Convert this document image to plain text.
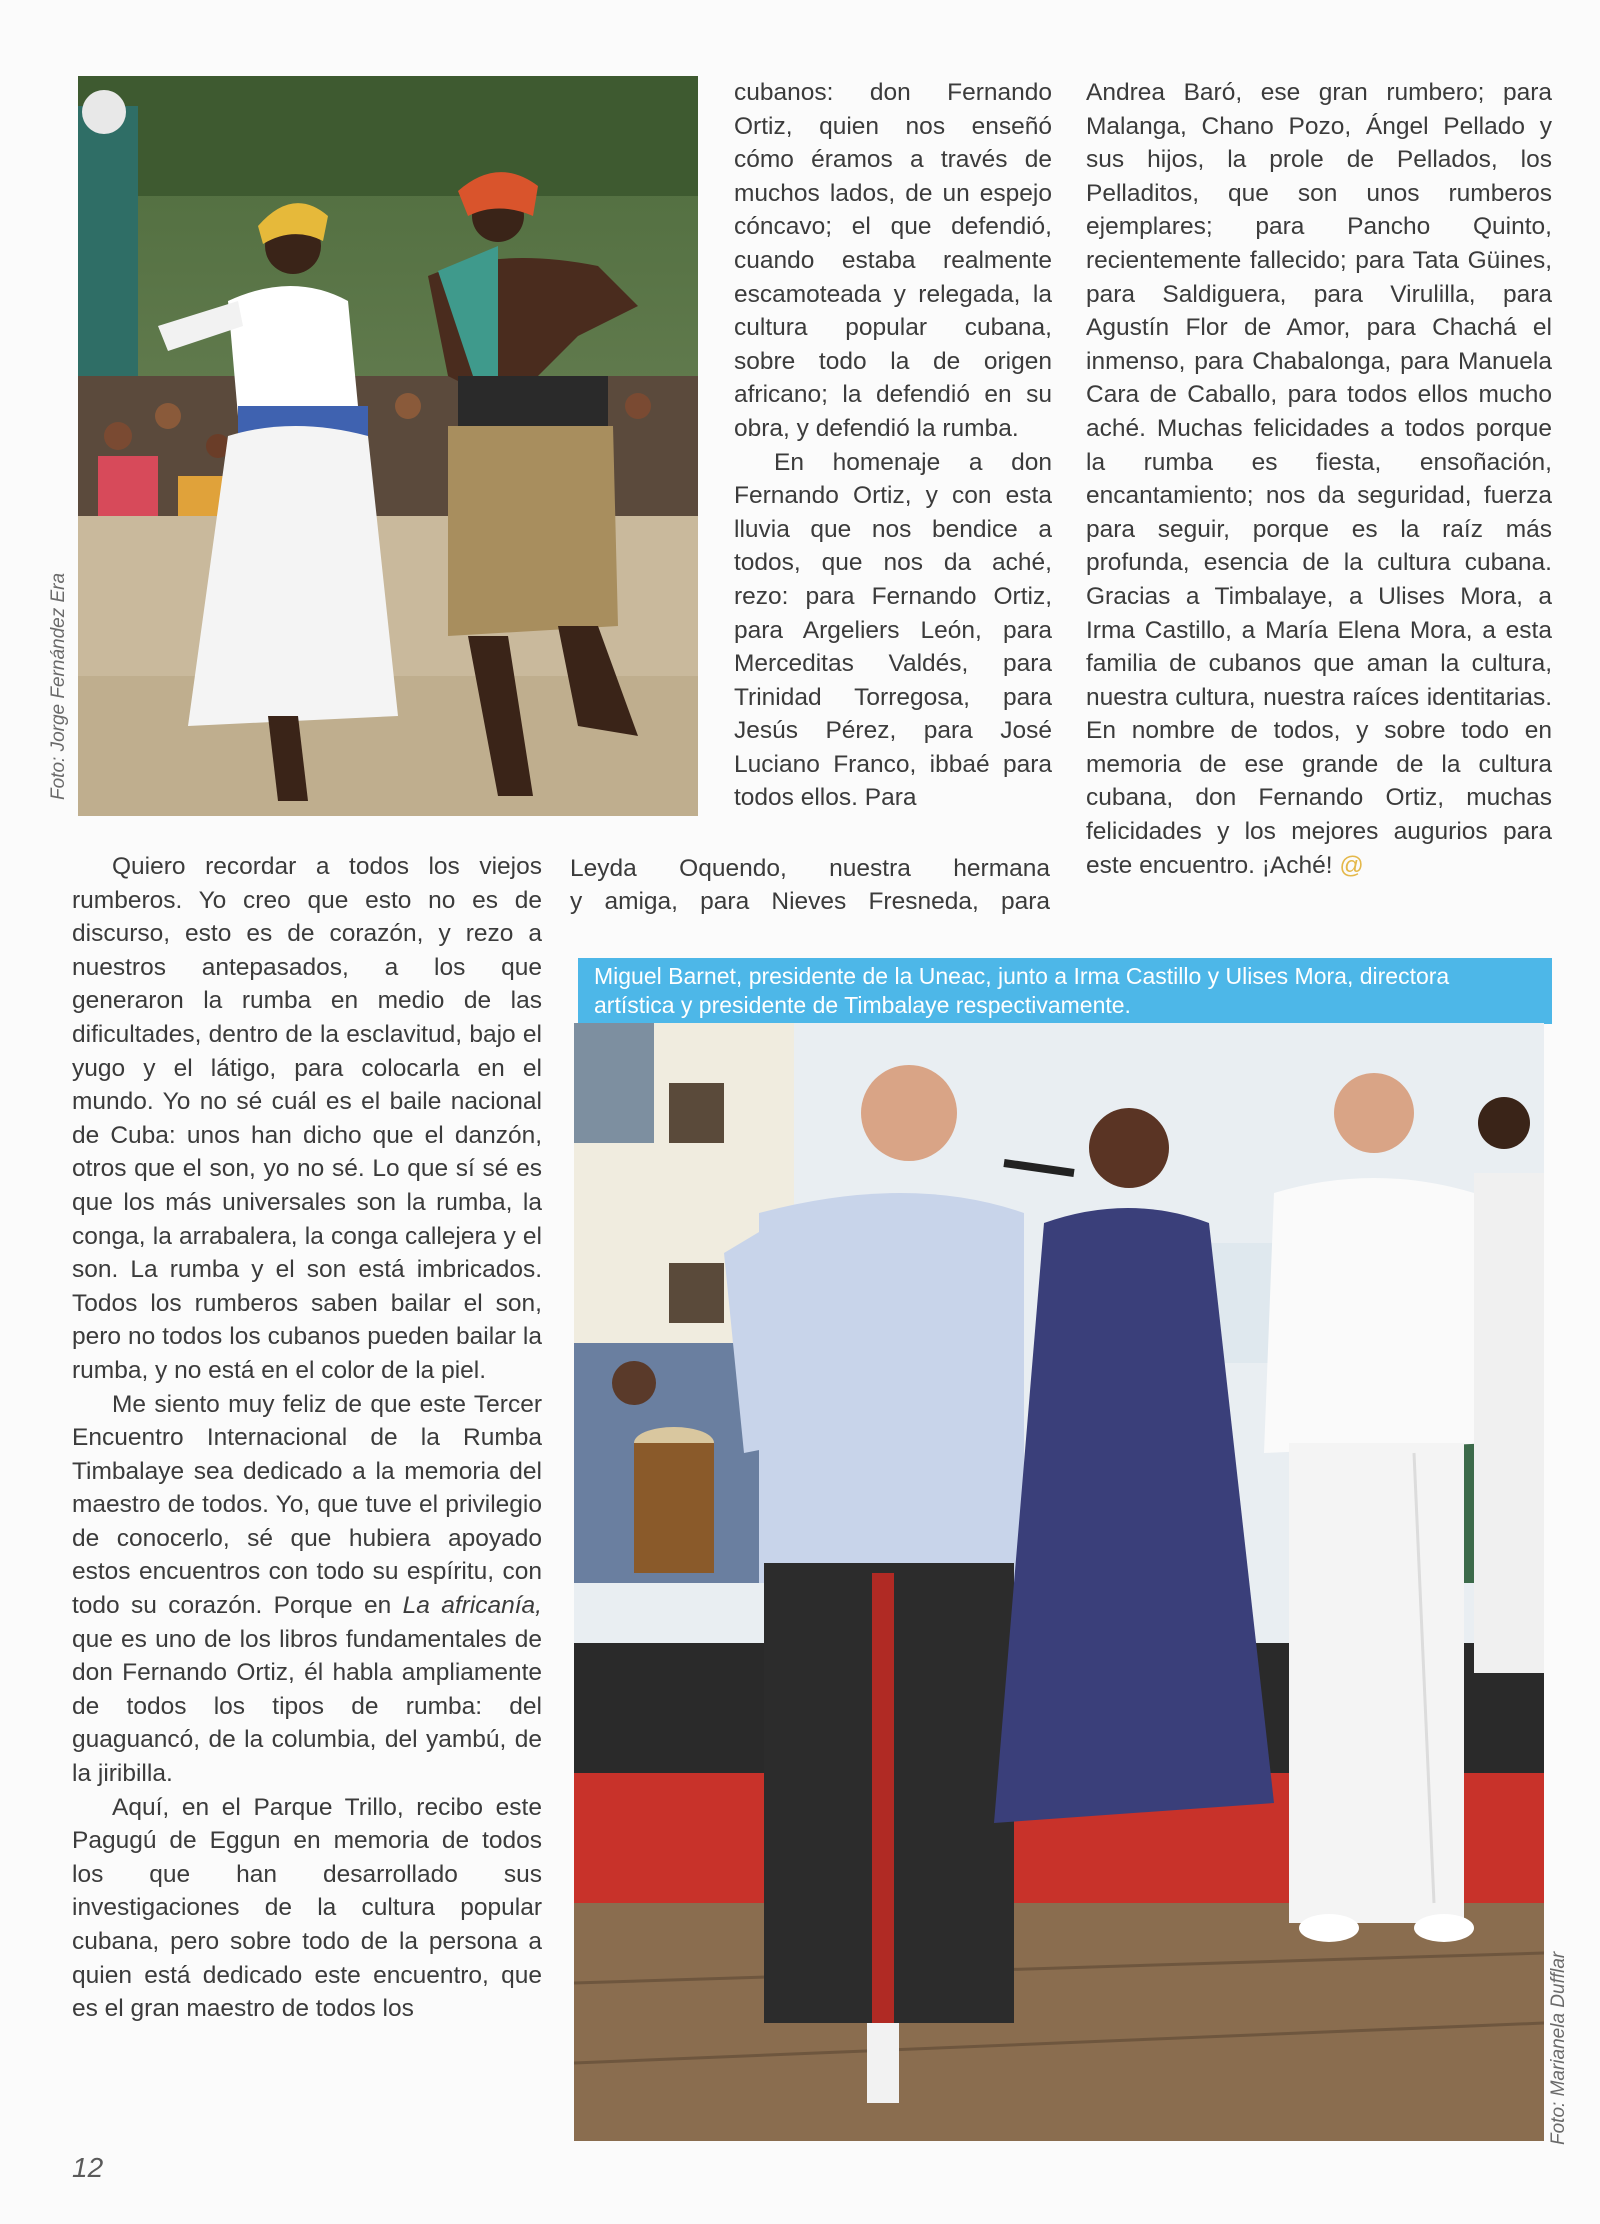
Foto: Jorge Fernández Era

Quiero recordar a todos los viejos rumberos. Yo creo que esto no es de discurso, esto es de corazón, y rezo a nuestros antepasados, a los que generaron la rumba en medio de las dificultades, dentro de la esclavitud, bajo el yugo y el látigo, para colocarla en el mundo. Yo no sé cuál es el baile nacional de Cuba: unos han dicho que el danzón, otros que el son, yo no sé. Lo que sí sé es que los más universales son la rumba, la conga, la arrabalera, la conga callejera y el son. La rumba y el son está imbricados. Todos los rumberos saben bailar el son, pero no todos los cubanos pueden bailar la rumba, y no está en el color de la piel.

Me siento muy feliz de que este Tercer Encuentro Internacional de la Rumba Timbalaye sea dedicado a la memoria del maestro de todos. Yo, que tuve el privilegio de conocerlo, sé que hubiera apoyado estos encuentros con todo su espíritu, con todo su corazón. Porque en La africanía, que es uno de los libros fundamentales de don Fernando Ortiz, él habla ampliamente de todos los tipos de rumba: del guaguancó, de la columbia, del yambú, de la jiribilla.

Aquí, en el Parque Trillo, recibo este Pagugú de Eggun en memoria de todos los que han desarrollado sus investigaciones de la cultura popular cubana, pero sobre todo de la persona a quien está dedicado este encuentro, que es el gran maestro de todos los

cubanos: don Fernando Ortiz, quien nos enseñó cómo éramos a través de muchos lados, de un espejo cóncavo; el que defendió, cuando estaba realmente escamoteada y relegada, la cultura popular cubana, sobre todo la de origen africano; la defendió en su obra, y defendió la rumba.

En homenaje a don Fernando Ortiz, y con esta lluvia que nos bendice a todos, que nos da aché, rezo: para Fernando Ortiz, para Argeliers León, para Merceditas Valdés, para Trinidad Torregosa, para Jesús Pérez, para José Luciano Franco, ibbaé para todos ellos. Para

Leyda Oquendo, nuestra hermana
y amiga, para Nieves Fresneda, para

Andrea Baró, ese gran rumbero; para Malanga, Chano Pozo, Ángel Pellado y sus hijos, la prole de Pellados, los Pelladitos, que son unos rumberos ejemplares; para Pancho Quinto, recientemente fallecido; para Tata Güines, para Saldiguera, para Virulilla, para Agustín Flor de Amor, para Chachá el inmenso, para Chabalonga, para Manuela Cara de Caballo, para todos ellos mucho aché. Muchas felicidades a todos porque la rumba es fiesta, ensoñación, encantamiento; nos da seguridad, fuerza para seguir, porque es la raíz más profunda, esencia de la cultura cubana. Gracias a Timbalaye, a Ulises Mora, a Irma Castillo, a María Elena Mora, a esta familia de cubanos que aman la cultura, nuestra cultura, nuestra raíces identitarias. En nombre de todos, y sobre todo en memoria de ese grande de la cultura cubana, don Fernando Ortiz, muchas felicidades y los mejores augurios para este encuentro. ¡Aché! @

Miguel Barnet, presidente de la Uneac, junto a Irma Castillo y Ulises Mora, directora artística y presidente de Timbalaye respectivamente.
Foto: Marianela Dufflar
12
